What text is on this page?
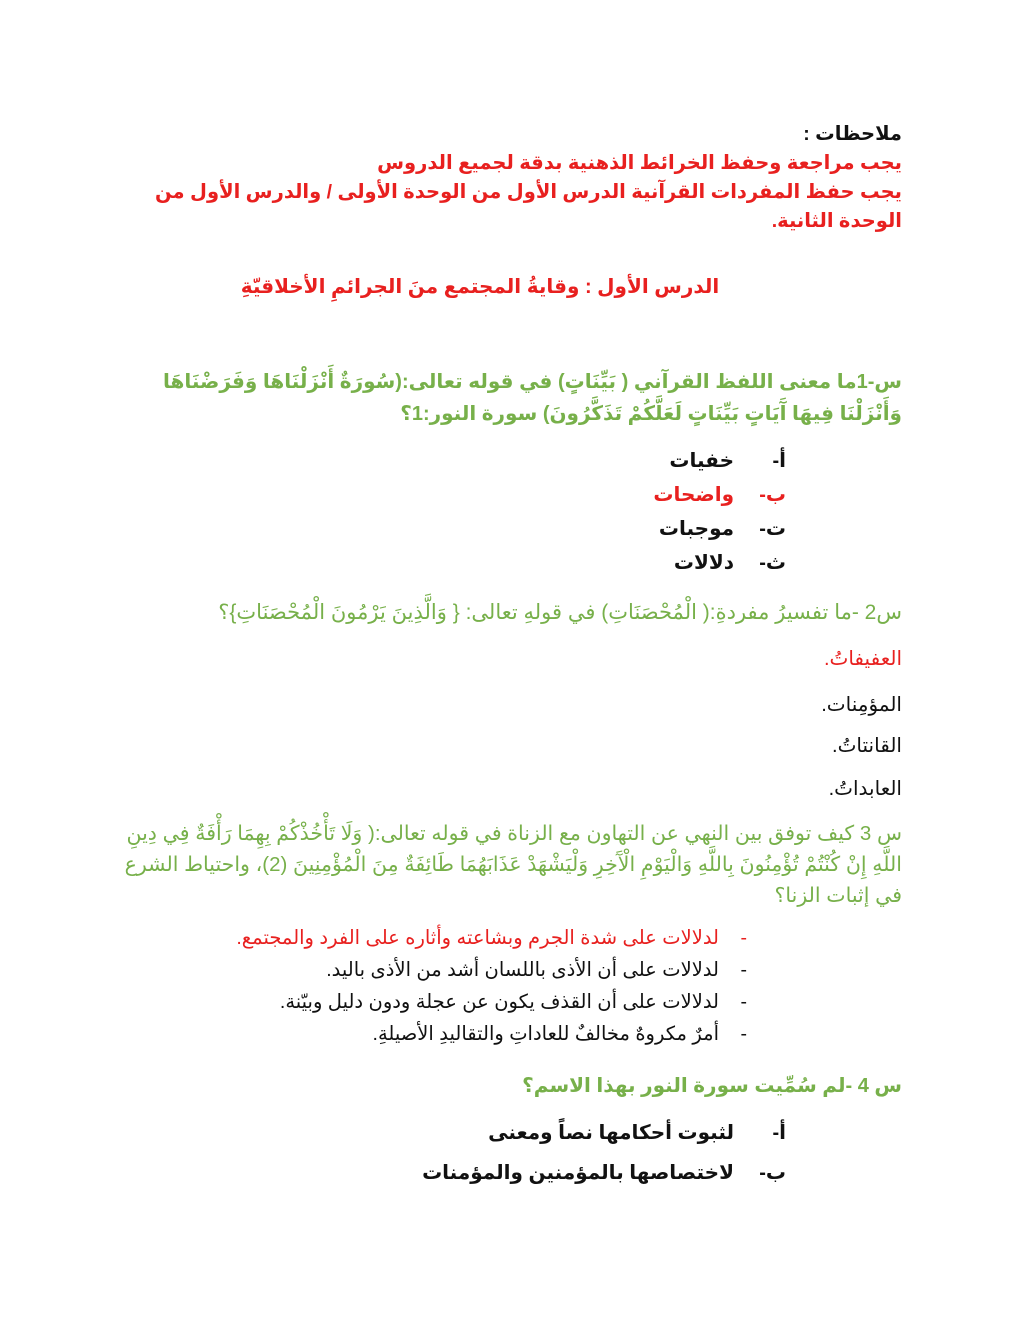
ملاحظات :
يجب مراجعة وحفظ الخرائط الذهنية بدقة لجميع الدروس
يجب حفظ المفردات القرآنية الدرس الأول من الوحدة الأولى / والدرس الأول من الوحدة الثانية.
الدرس الأول : وقايةُ المجتمع منَ الجرائمِ الأخلاقيّةِ
س-1ما معنى اللفظ القرآني ( بَيِّنَاتٍ) في قوله تعالى:(سُورَةٌ أَنْزَلْنَاهَا وَفَرَضْنَاهَا وَأَنْزَلْنَا فِيهَا آَيَاتٍ بَيِّنَاتٍ لَعَلَّكُمْ تَذَكَّرُونَ) سورة النور:1؟
أ-
خفيات
ب-
واضحات
ت-
موجبات
ث-
دلالات
س2 -ما تفسيرُ مفردةِ:( الْمُحْصَنَاتِ) في قولهِ تعالى: { وَالَّذِينَ يَرْمُونَ الْمُحْصَنَاتِ}؟
العفيفاتُ.
المؤمِنات.
القانتاتُ.
العابداتُ.
س 3 كيف توفق بين النهي عن التهاون مع الزناة في قوله تعالى:( وَلَا تَأْخُذْكُمْ بِهِمَا رَأْفَةٌ فِي دِينِ اللَّهِ إِنْ كُنْتُمْ تُؤْمِنُونَ بِاللَّهِ وَالْيَوْمِ الْآَخِرِ وَلْيَشْهَدْ عَذَابَهُمَا طَائِفَةٌ مِنَ الْمُؤْمِنِينَ (2)، واحتياط الشرع في إثبات الزنا؟
-
لدلالات على شدة الجرم وبشاعته وأثاره على الفرد والمجتمع.
-
لدلالات على أن الأذى باللسان أشد من الأذى باليد.
-
لدلالات على أن القذف يكون عن عجلة ودون دليل وبيّنة.
-
أمرٌ مكروهٌ مخالفٌ للعاداتِ والتقاليدِ الأصيلةِ.
س 4 -لم سُمِّيت سورة النور بهذا الاسم؟
أ-
لثبوت أحكامها نصاً ومعنى
ب-
لاختصاصها بالمؤمنين والمؤمنات
